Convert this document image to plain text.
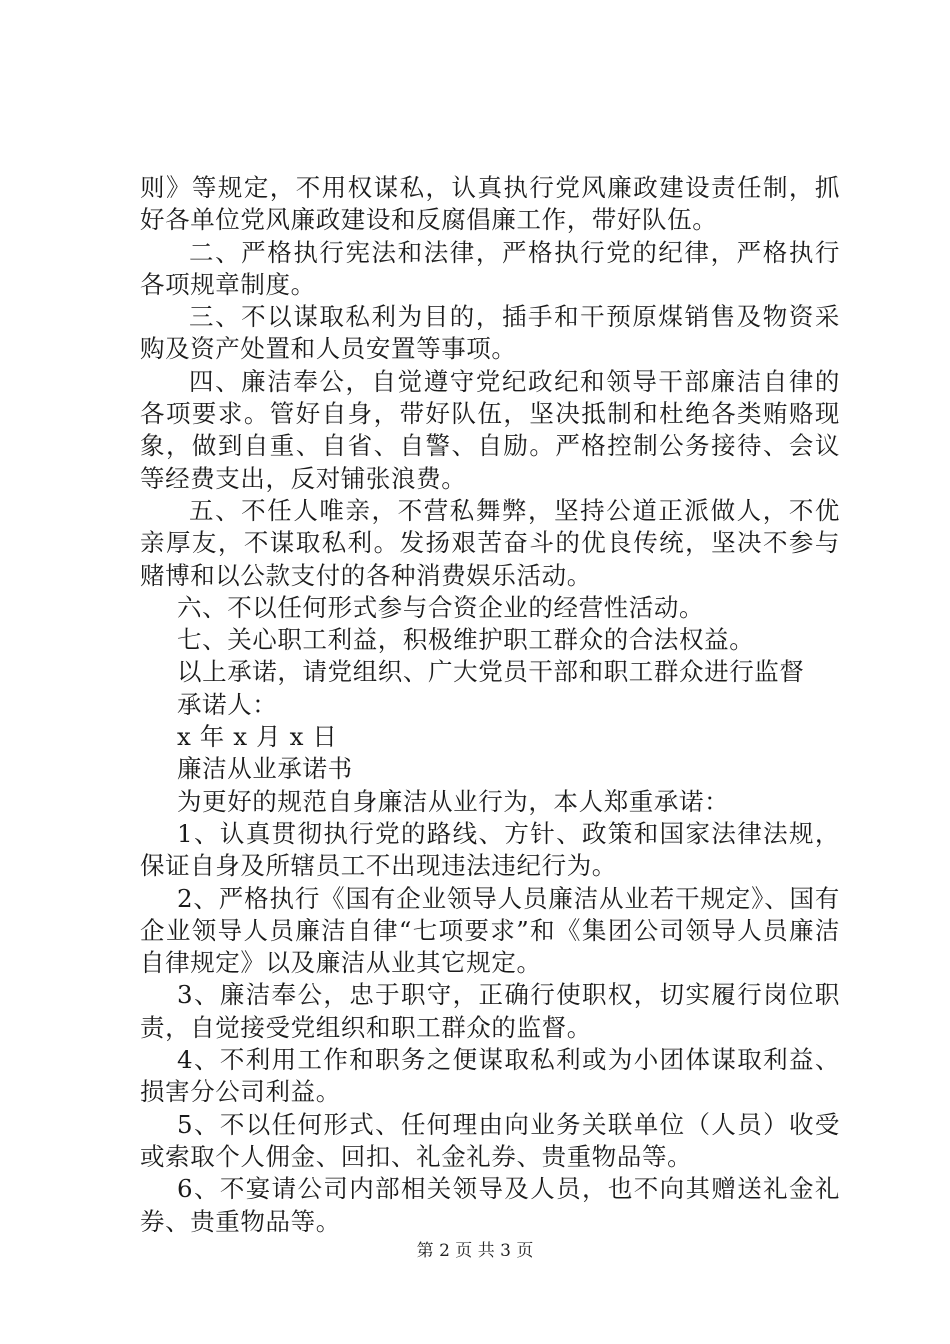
则》等规定，不用权谋私，认真执行党风廉政建设责任制，抓好各单位党风廉政建设和反腐倡廉工作，带好队伍。

二、严格执行宪法和法律，严格执行党的纪律，严格执行各项规章制度。

三、不以谋取私利为目的，插手和干预原煤销售及物资采购及资产处置和人员安置等事项。

四、廉洁奉公，自觉遵守党纪政纪和领导干部廉洁自律的各项要求。管好自身，带好队伍，坚决抵制和杜绝各类贿赂现象，做到自重、自省、自警、自励。严格控制公务接待、会议等经费支出，反对铺张浪费。

五、不任人唯亲，不营私舞弊，坚持公道正派做人，不优亲厚友，不谋取私利。发扬艰苦奋斗的优良传统，坚决不参与赌博和以公款支付的各种消费娱乐活动。

六、不以任何形式参与合资企业的经营性活动。

七、关心职工利益，积极维护职工群众的合法权益。

以上承诺，请党组织、广大党员干部和职工群众进行监督

承诺人：

x 年 x 月 x 日

廉洁从业承诺书

为更好的规范自身廉洁从业行为，本人郑重承诺：

1、认真贯彻执行党的路线、方针、政策和国家法律法规，保证自身及所辖员工不出现违法违纪行为。

2、严格执行《国有企业领导人员廉洁从业若干规定》、国有企业领导人员廉洁自律“七项要求”和《集团公司领导人员廉洁自律规定》以及廉洁从业其它规定。

3、廉洁奉公，忠于职守，正确行使职权，切实履行岗位职责，自觉接受党组织和职工群众的监督。

4、不利用工作和职务之便谋取私利或为小团体谋取利益、损害分公司利益。

5、不以任何形式、任何理由向业务关联单位（人员）收受或索取个人佣金、回扣、礼金礼券、贵重物品等。

6、不宴请公司内部相关领导及人员，也不向其赠送礼金礼券、贵重物品等。

第 2 页 共 3 页
